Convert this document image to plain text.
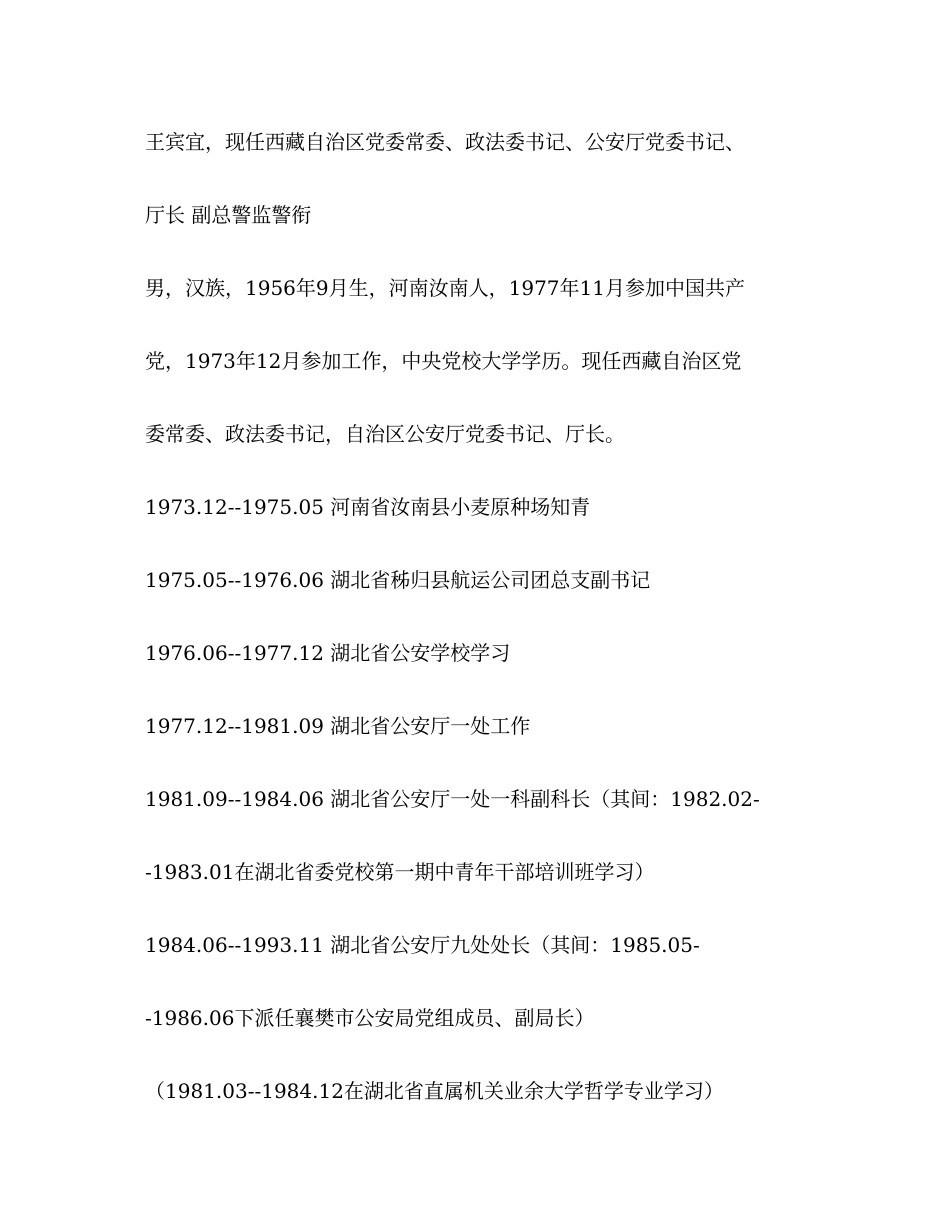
王宾宜，现任西藏自治区党委常委、政法委书记、公安厅党委书记、
厅长 副总警监警衔
男，汉族，1956年9月生，河南汝南人，1977年11月参加中国共产
党，1973年12月参加工作，中央党校大学学历。现任西藏自治区党
委常委、政法委书记，自治区公安厅党委书记、厅长。
1973.12--1975.05 河南省汝南县小麦原种场知青
1975.05--1976.06 湖北省秭归县航运公司团总支副书记
1976.06--1977.12 湖北省公安学校学习
1977.12--1981.09 湖北省公安厅一处工作
1981.09--1984.06 湖北省公安厅一处一科副科长（其间：1982.02-
-1983.01在湖北省委党校第一期中青年干部培训班学习）
1984.06--1993.11 湖北省公安厅九处处长（其间：1985.05-
-1986.06下派任襄樊市公安局党组成员、副局长）
（1981.03--1984.12在湖北省直属机关业余大学哲学专业学习）
